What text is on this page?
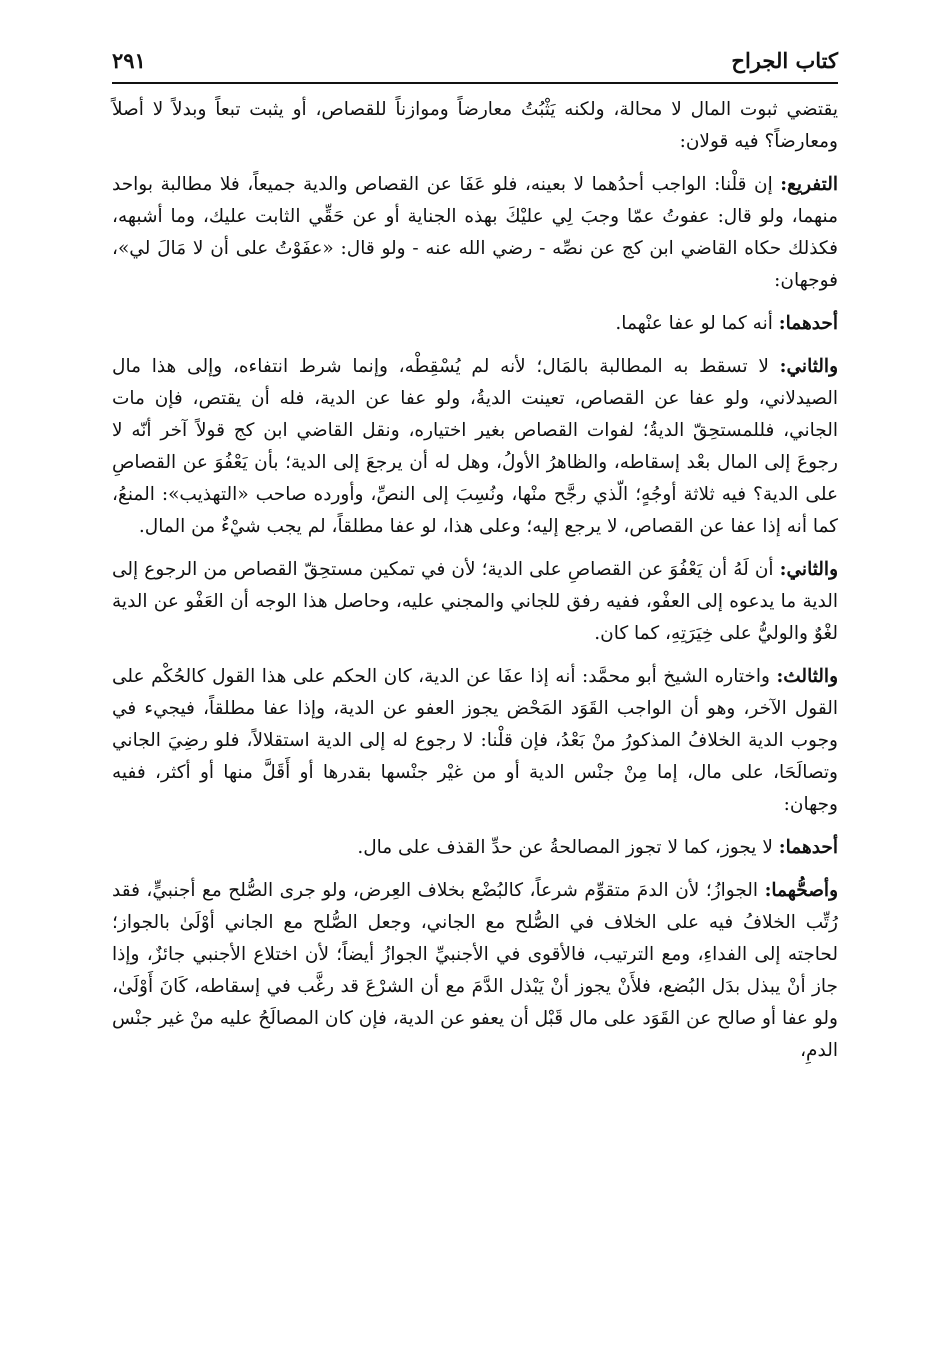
كتاب الجراح
٢٩١

يقتضي ثبوت المال لا محالة، ولكنه يَثْبُتُ معارضاً وموازناً للقصاص، أو يثبت تبعاً وبدلاً لا أصلاً ومعارضاً؟ فيه قولان:

التفريع: إن قلْنا: الواجب أحدُهما لا بعينه، فلو عَفَا عن القصاص والدية جميعاً، فلا مطالبة بواحد منهما، ولو قال: عفوتُ عمّا وجبَ لِي عليْكَ بهذه الجناية أو عن حَقِّي الثابت عليك، وما أشبهه، فكذلك حكاه القاضي ابن كج عن نصِّه - رضي الله عنه - ولو قال: «عفَوْتُ على أن لا مَالَ لي»، فوجهان:

أحدهما: أنه كما لو عفا عنْهما.

والثاني: لا تسقط به المطالبة بالمَال؛ لأنه لم يُسْقِطْه، وإنما شرط انتفاءه، وإلى هذا مال الصيدلاني، ولو عفا عن القصاص، تعينت الديةُ، ولو عفا عن الدية، فله أن يقتص، فإن مات الجاني، فللمستحِقّ الديةُ؛ لفوات القصاص بغير اختياره، ونقل القاضي ابن كج قولاً آخر أنّه لا رجوعَ إلى المال بعْد إسقاطه، والظاهرُ الأولُ، وهل له أن يرجعَ إلى الدية؛ بأن يَعْفُوَ عن القصاصِ على الدية؟ فيه ثلاثة أوجُهٍ؛ الّذي رجَّح منْها، ونُسِبَ إلى النصِّ، وأورده صاحب «التهذيب»: المنعُ، كما أنه إذا عفا عن القصاص، لا يرجع إليه؛ وعلى هذا، لو عفا مطلقاً، لم يجب شيْءٌ من المال.

والثاني: أن لَهُ أن يَعْفُوَ عن القصاصِ على الدية؛ لأن في تمكين مستحِقّ القصاص من الرجوع إلى الدية ما يدعوه إلى العفْو، ففيه رفق للجاني والمجني عليه، وحاصل هذا الوجه أن العَفْو عن الدية لغْوٌ والوليُّ على خِيَرَتِهِ، كما كان.

والثالث: واختاره الشيخ أبو محمَّد: أنه إذا عفَا عن الدية، كان الحكم على هذا القول كالحُكْم على القول الآخر، وهو أن الواجب القَوَد المَحْض يجوز العفو عن الدية، وإذا عفا مطلقاً، فيجيء في وجوب الدية الخلافُ المذكورُ منْ بَعْدُ، فإن قلْنا: لا رجوع له إلى الدية استقلالاً، فلو رضِيَ الجاني وتصالَحَا، على مال، إما مِنْ جنْس الدية أو من غيْر جنْسها بقدرها أو أَقَلَّ منها أو أكثر، ففيه وجهان:

أحدهما: لا يجوز، كما لا تجوز المصالحةُ عن حدِّ القذف على مال.

وأصحُّهما: الجوازُ؛ لأن الدمَ متقوِّم شرعاً، كالبُضْع بخلاف العِرض، ولو جرى الصُّلح مع أجنبيٍّ، فقد رُتِّب الخلافُ فيه على الخلاف في الصُّلح مع الجاني، وجعل الصُّلح مع الجاني أوْلَىٰ بالجواز؛ لحاجته إلى الفداءِ، ومع الترتيب، فالأقوى في الأجنبيِّ الجوازُ أيضاً؛ لأن اختلاع الأجنبي جائزٌ، وإذا جاز أنْ يبذل بدَل البُضع، فلأَنْ يجوز أنْ يَبْذل الدَّمَ مع أن الشرْعَ قد رغَّب في إسقاطه، كَانَ أَوْلَىٰ، ولو عفا أو صالح عن القَوَد على مال قَبْل أن يعفو عن الدية، فإن كان المصالَحُ عليه منْ غير جنْس الدمِ،
